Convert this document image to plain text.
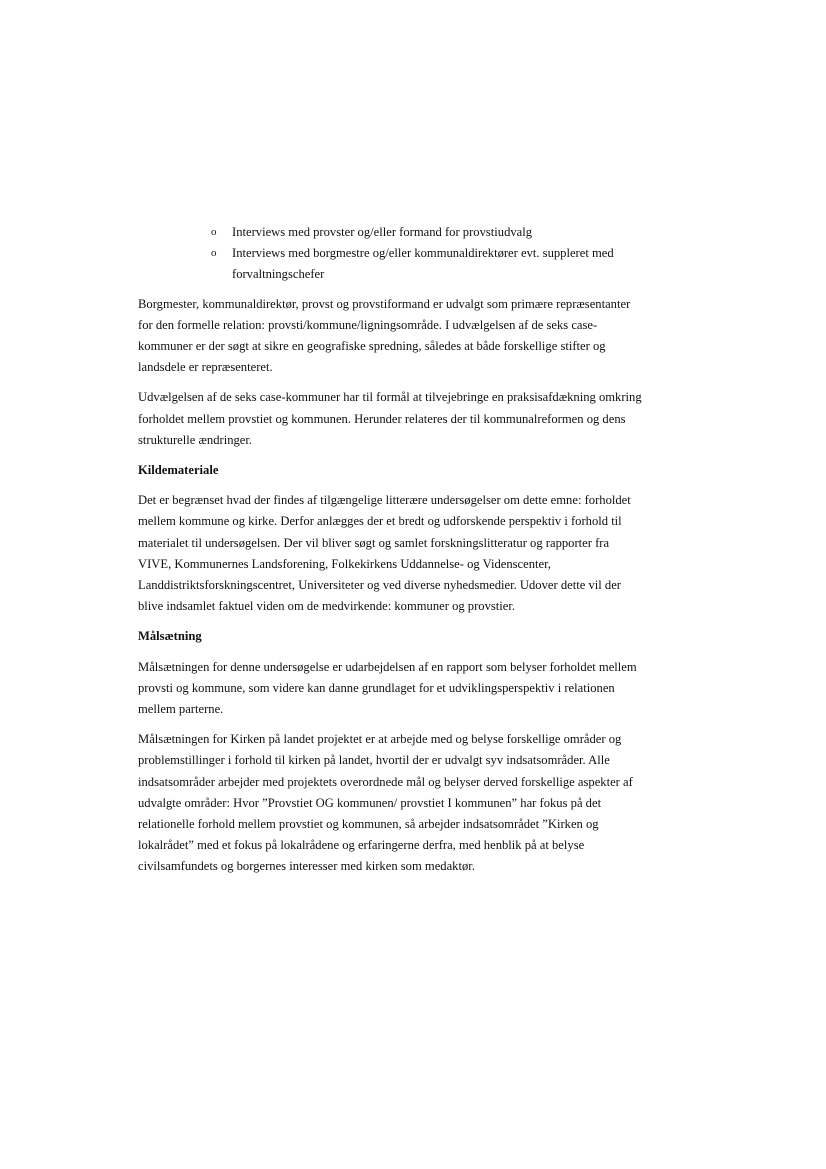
o Interviews med provster og/eller formand for provstiudvalg
o Interviews med borgmestre og/eller kommunaldirektører evt. suppleret med forvaltningschefer

Borgmester, kommunaldirektør, provst og provstiformand er udvalgt som primære repræsentanter for den formelle relation: provsti/kommune/ligningsområde. I udvælgelsen af de seks case-kommuner er der søgt at sikre en geografiske spredning, således at både forskellige stifter og landsdele er repræsenteret.

Udvælgelsen af de seks case-kommuner har til formål at tilvejebringe en praksisafdækning omkring forholdet mellem provstiet og kommunen. Herunder relateres der til kommunalreformen og dens strukturelle ændringer.

Kildemateriale

Det er begrænset hvad der findes af tilgængelige litterære undersøgelser om dette emne: forholdet mellem kommune og kirke. Derfor anlægges der et bredt og udforskende perspektiv i forhold til materialet til undersøgelsen. Der vil bliver søgt og samlet forskningslitteratur og rapporter fra VIVE, Kommunernes Landsforening, Folkekirkens Uddannelse- og Videnscenter, Landdistriktsforskningscentret, Universiteter og ved diverse nyhedsmedier. Udover dette vil der blive indsamlet faktuel viden om de medvirkende: kommuner og provstier.

Målsætning

Målsætningen for denne undersøgelse er udarbejdelsen af en rapport som belyser forholdet mellem provsti og kommune, som videre kan danne grundlaget for et udviklingsperspektiv i relationen mellem parterne.

Målsætningen for Kirken på landet projektet er at arbejde med og belyse forskellige områder og problemstillinger i forhold til kirken på landet, hvortil der er udvalgt syv indsatsområder. Alle indsatsområder arbejder med projektets overordnede mål og belyser derved forskellige aspekter af udvalgte områder: Hvor ”Provstiet OG kommunen/ provstiet I kommunen” har fokus på det relationelle forhold mellem provstiet og kommunen, så arbejder indsatsområdet ”Kirken og lokalrådet” med et fokus på lokalrådene og erfaringerne derfra, med henblik på at belyse civilsamfundets og borgernes interesser med kirken som medaktør.
